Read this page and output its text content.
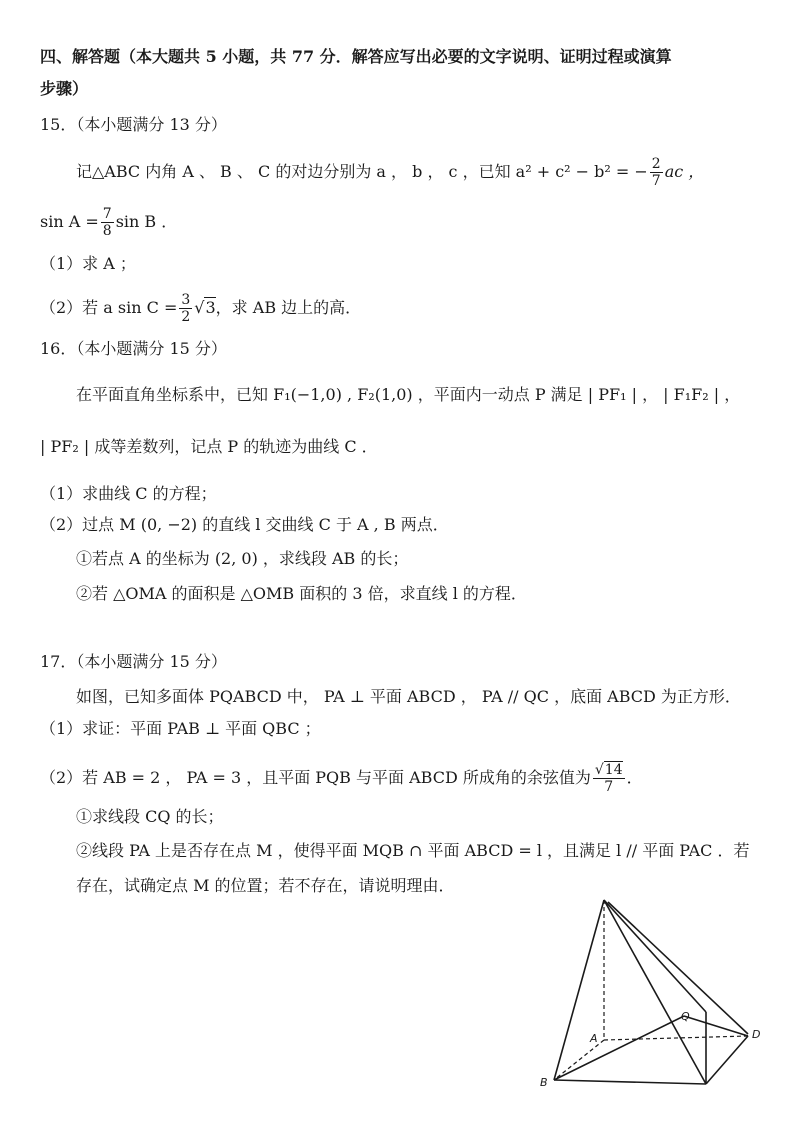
四、解答题（本大题共 5 小题，共 77 分．解答应写出必要的文字说明、证明过程或演算
步骤）
15．（本小题满分 13 分）
记△ABC 内角 A 、 B 、 C 的对边分别为 a ， b ， c ，已知 a² + c² − b² = − $\frac{2}{7}$ ac ，
$\sin A = \frac{7}{8}$ sin B ．
（1）求 A ；
（2）若 a $\sin C = \frac{3}{2} √3$，求 AB 边上的高．
16．（本小题满分 15 分）
在平面直角坐标系中，已知 F₁(−1,0) , F₂(1,0) ，平面内一动点 P 满足 | PF₁ | ， | F₁F₂ | ，
| PF₂ | 成等差数列，记点 P 的轨迹为曲线 C ．
（1）求曲线 C 的方程；
（2）过点 M (0, −2) 的直线 l 交曲线 C 于 A , B 两点．
①若点 A 的坐标为 (2, 0) ，求线段 AB 的长；
②若 △OMA 的面积是 △OMB 面积的 3 倍，求直线 l 的方程．
17．（本小题满分 15 分）
如图，已知多面体 PQABCD 中， PA ⊥ 平面 ABCD ， PA // QC ，底面 ABCD 为正方形．
（1）求证：平面 PAB ⊥ 平面 QBC ；
（2）若 AB = 2 ， PA = 3 ，且平面 PQB 与平面 ABCD 所成角的余弦值为 $\frac{√14}{7}$ ．
①求线段 CQ 的长；
②线段 PA 上是否存在点 M ，使得平面 MQB ∩ 平面 ABCD = l ，且满足 l // 平面 PAC ．若
存在，试确定点 M 的位置；若不存在，请说明理由．
A
B
Q
D
